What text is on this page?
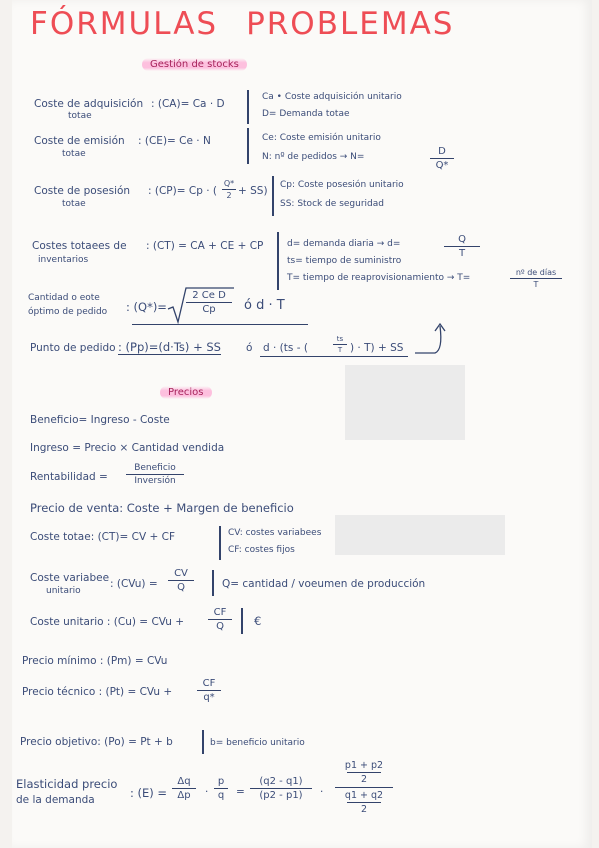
FÓRMULAS PROBLEMAS
Gestión de stocks
Coste de adquisición
totae
: (CA)= Ca · D
Ca • Coste adquisición unitario
D= Demanda totae
Coste de emisión
totae
: (CE)= Ce · N	Ce: Coste emisión unitario
N: nº de pedidos → N=	D
Q*
Coste de posesión
totae
: (CP)= Cp · (
Q*
2 + SS) Cp: Coste posesión unitario
SS: Stock de seguridad
Costes totaees de
inventarios
: (CT) = CA + CE + CP	d= demanda diaria → d=	Q
T
ts= tiempo de suministro
T= tiempo de reaprovisionamiento → T=
nº de días
T
Cantidad o eote
óptimo de pedido : (Q*)=
2 Ce D
Cp ó d · T
Punto de pedido : (Pp)=(d·Ts) + SS ó d · (ts - (
ts
T ) · T) + SS
Precios
Beneficio= Ingreso - Coste
Ingreso = Precio × Cantidad vendida
Rentabilidad =
Beneficio
Inversión
Precio de venta: Coste + Margen de beneficio
Coste totae: (CT)= CV + CF	CV: costes variabees
CF: costes fijos
Coste variabee
unitario
: (CVu) =
CV
Q	Q= cantidad / voeumen de producción
Coste unitario : (Cu) = CVu +
CF
Q	€
Precio mínimo : (Pm) = CVu
Precio técnico : (Pt) = CVu +
CF
q*
Precio objetivo: (Po) = Pt + b	b= beneficio unitario
Elasticidad precio
de la demanda	: (E) =
Δq
Δp ·
p
q =
(q2 - q1)
(p2 - p1) ·
p1 + p2
2
q1 + q2
2
